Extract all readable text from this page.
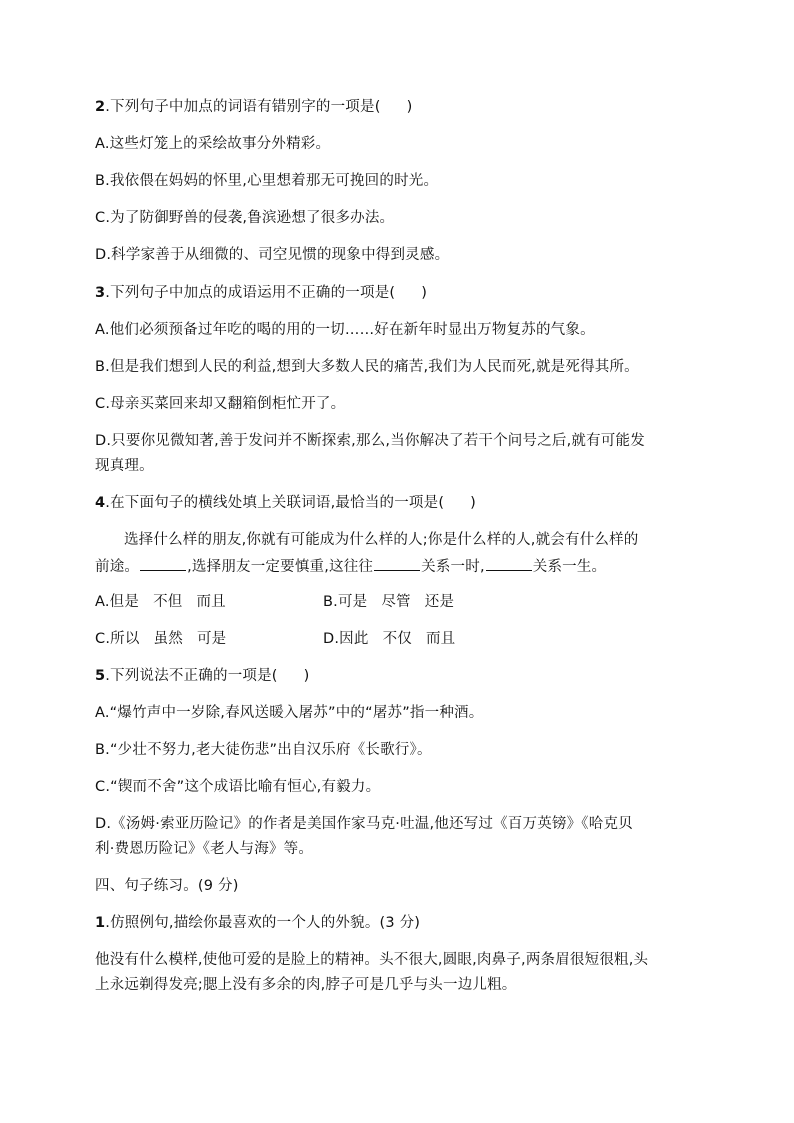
2.下列句子中加点的词语有错别字的一项是( )
A.这些灯笼上的采绘故事分外精彩。
B.我依偎在妈妈的怀里,心里想着那无可挽回的时光。
C.为了防御野兽的侵袭,鲁滨逊想了很多办法。
D.科学家善于从细微的、司空见惯的现象中得到灵感。
3.下列句子中加点的成语运用不正确的一项是( )
A.他们必须预备过年吃的喝的用的一切……好在新年时显出万物复苏的气象。
B.但是我们想到人民的利益,想到大多数人民的痛苦,我们为人民而死,就是死得其所。
C.母亲买菜回来却又翻箱倒柜忙开了。
D.只要你见微知著,善于发问并不断探索,那么,当你解决了若干个问号之后,就有可能发
现真理。
4.在下面句子的横线处填上关联词语,最恰当的一项是( )
选择什么样的朋友,你就有可能成为什么样的人;你是什么样的人,就会有什么样的
前途。	,选择朋友一定要慎重,这往往	关系一时,	关系一生。
A.但是 不但 而且	B.可是 尽管 还是
C.所以 虽然 可是	D.因此 不仅 而且
5.下列说法不正确的一项是( )
A.“爆竹声中一岁除,春风送暖入屠苏”中的“屠苏”指一种酒。
B.“少壮不努力,老大徒伤悲”出自汉乐府《长歌行》。
C.“锲而不舍”这个成语比喻有恒心,有毅力。
D.《汤姆·索亚历险记》的作者是美国作家马克·吐温,他还写过《百万英镑》《哈克贝
利·费恩历险记》《老人与海》等。
四、句子练习。(9 分)
1.仿照例句,描绘你最喜欢的一个人的外貌。(3 分)
他没有什么模样,使他可爱的是脸上的精神。头不很大,圆眼,肉鼻子,两条眉很短很粗,头
上永远剃得发亮;腮上没有多余的肉,脖子可是几乎与头一边儿粗。
